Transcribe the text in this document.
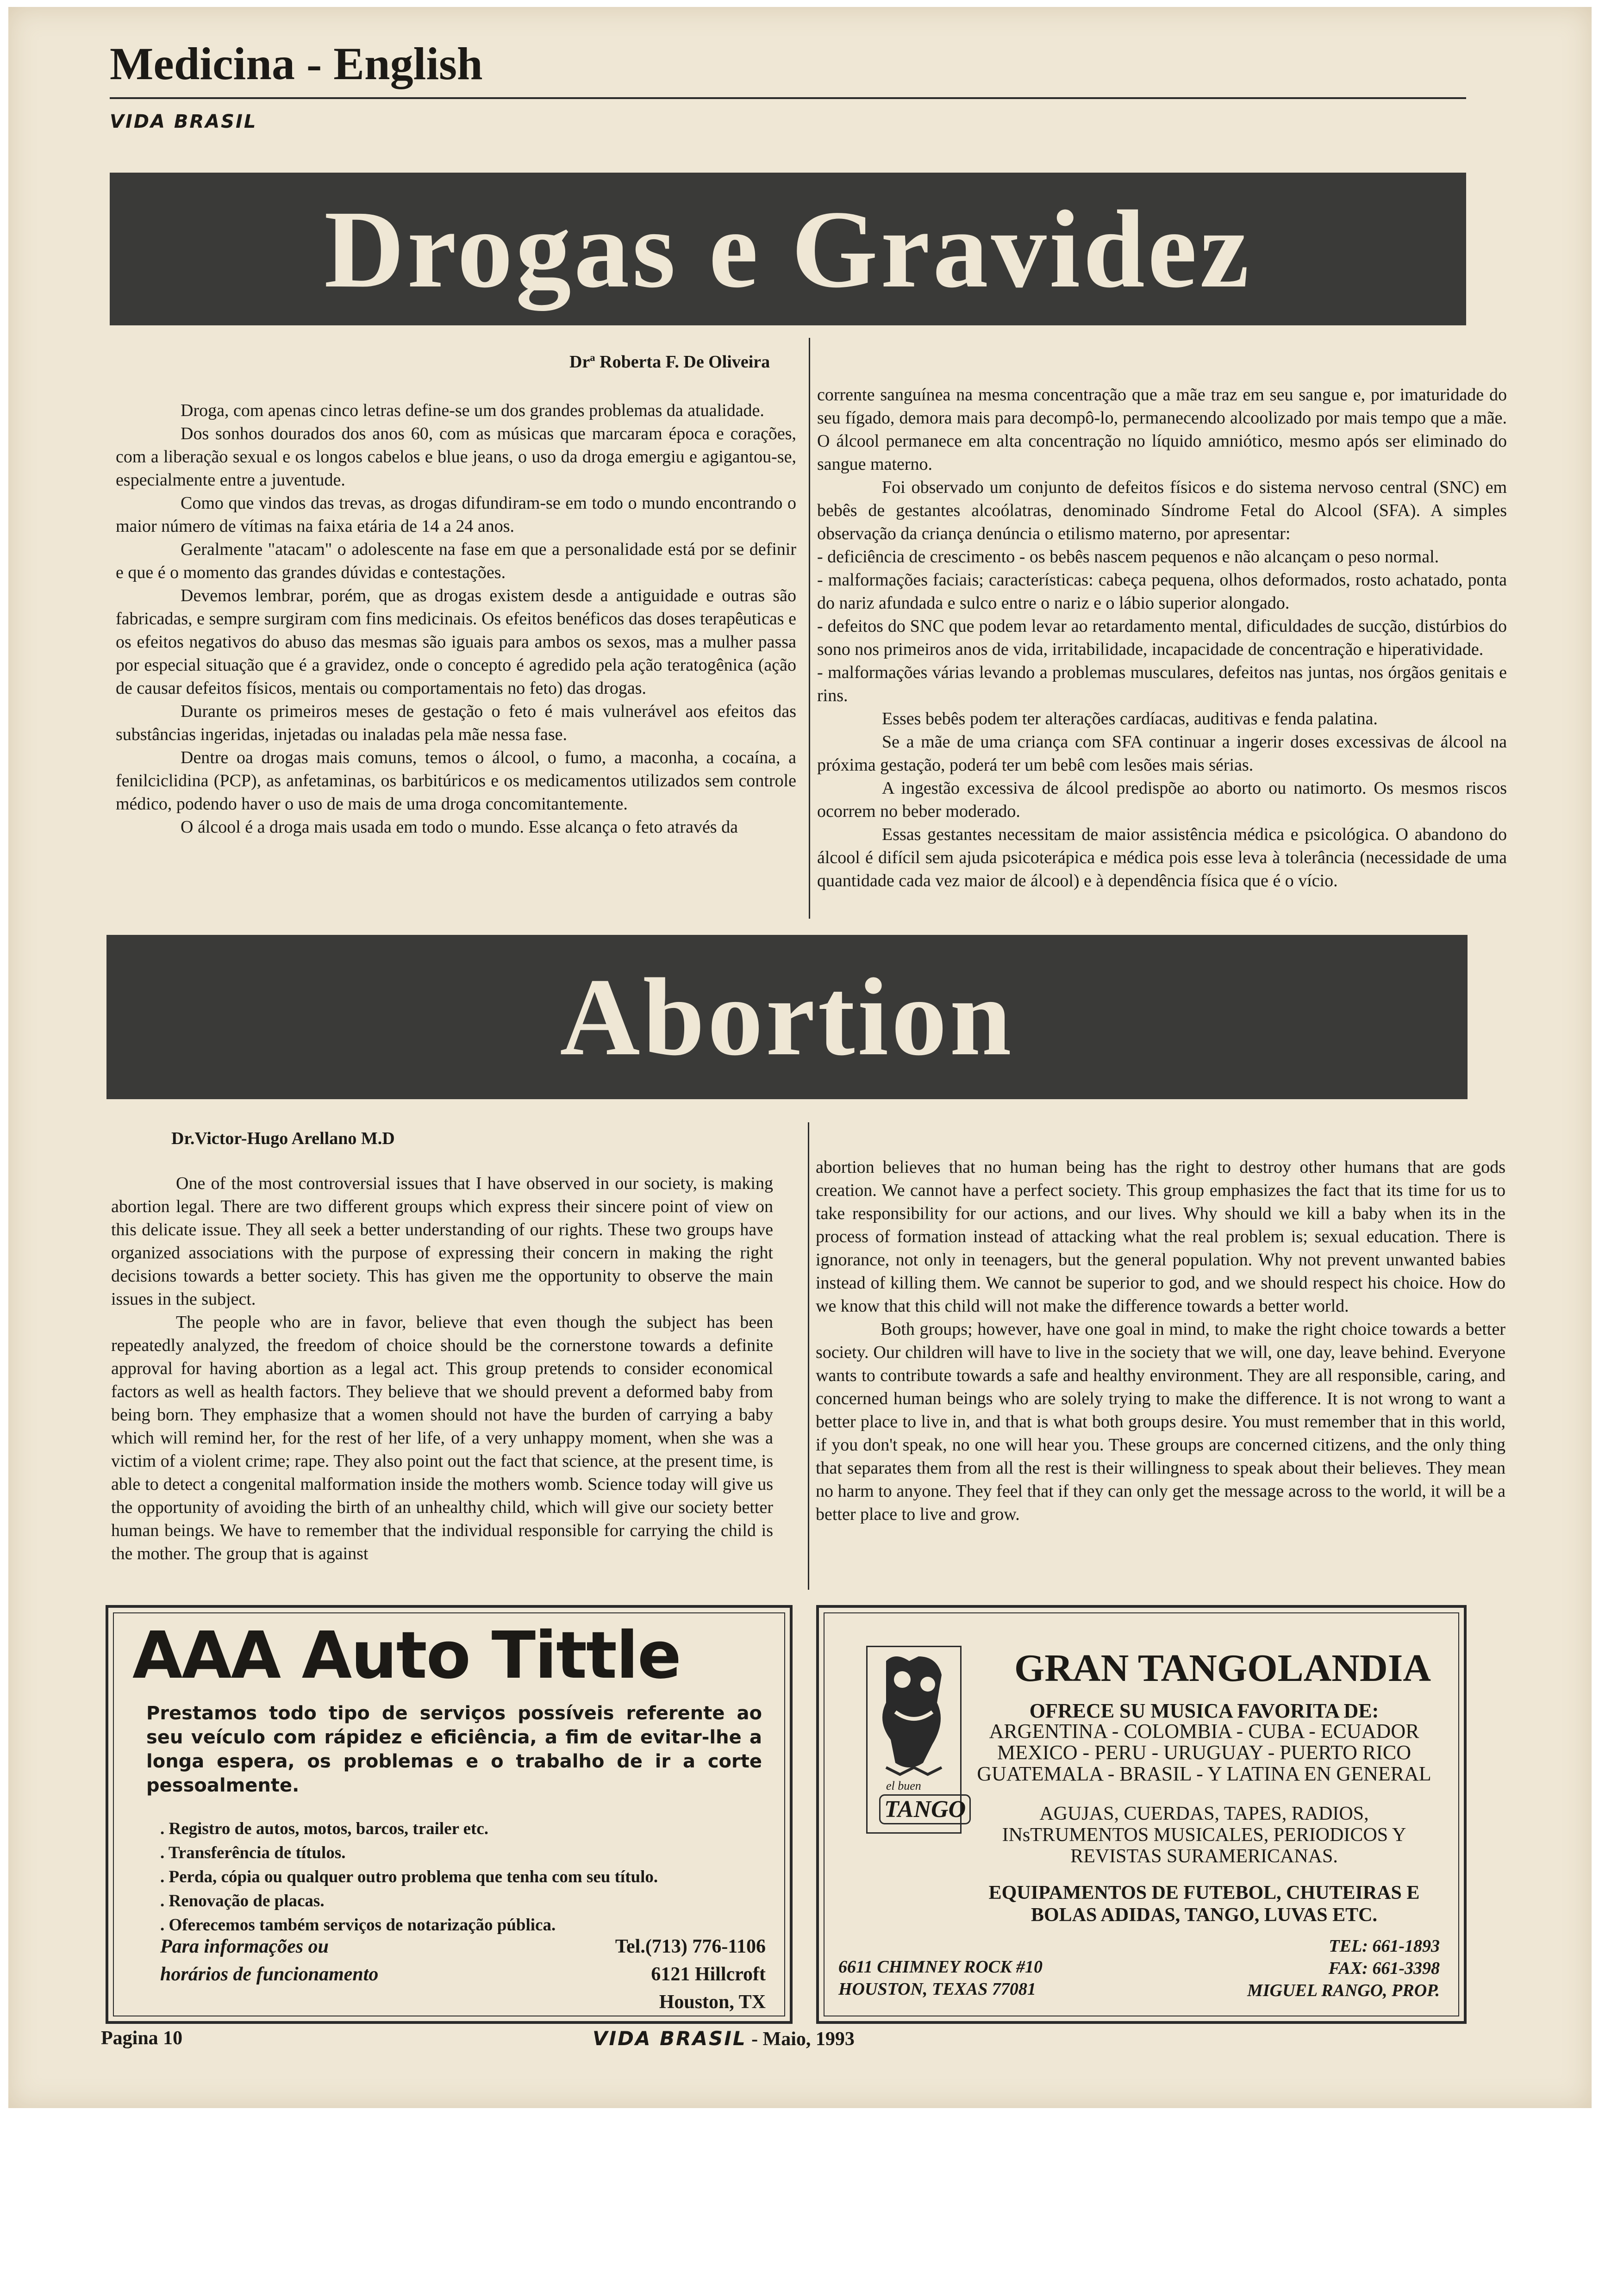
Medicina - English
VIDA BRASIL
Drogas e Gravidez
Drª Roberta F. De Oliveira

Droga, com apenas cinco letras define-se um dos grandes problemas da atualidade.

Dos sonhos dourados dos anos 60, com as músicas que marcaram época e corações, com a liberação sexual e os longos cabelos e blue jeans, o uso da droga emergiu e agigantou-se, especialmente entre a juventude.

Como que vindos das trevas, as drogas difundiram-se em todo o mundo encontrando o maior número de vítimas na faixa etária de 14 a 24 anos.

Geralmente "atacam" o adolescente na fase em que a personalidade está por se definir e que é o momento das grandes dúvidas e contestações.

Devemos lembrar, porém, que as drogas existem desde a antiguidade e outras são fabricadas, e sempre surgiram com fins medicinais. Os efeitos benéficos das doses terapêuticas e os efeitos negativos do abuso das mesmas são iguais para ambos os sexos, mas a mulher passa por especial situação que é a gravidez, onde o concepto é agredido pela ação teratogênica (ação de causar defeitos físicos, mentais ou comportamentais no feto) das drogas.

Durante os primeiros meses de gestação o feto é mais vulnerável aos efeitos das substâncias ingeridas, injetadas ou inaladas pela mãe nessa fase.

Dentre oa drogas mais comuns, temos o álcool, o fumo, a maconha, a cocaína, a fenilciclidina (PCP), as anfetaminas, os barbitúricos e os medicamentos utilizados sem controle médico, podendo haver o uso de mais de uma droga concomitantemente.

O álcool é a droga mais usada em todo o mundo. Esse alcança o feto através da

corrente sanguínea na mesma concentração que a mãe traz em seu sangue e, por imaturidade do seu fígado, demora mais para decompô-lo, permanecendo alcoolizado por mais tempo que a mãe. O álcool permanece em alta concentração no líquido amniótico, mesmo após ser eliminado do sangue materno.

Foi observado um conjunto de defeitos físicos e do sistema nervoso central (SNC) em bebês de gestantes alcoólatras, denominado Síndrome Fetal do Alcool (SFA). A simples observação da criança denúncia o etilismo materno, por apresentar:

- deficiência de crescimento - os bebês nascem pequenos e não alcançam o peso normal.

- malformações faciais; características: cabeça pequena, olhos deformados, rosto achatado, ponta do nariz afundada e sulco entre o nariz e o lábio superior alongado.

- defeitos do SNC que podem levar ao retardamento mental, dificuldades de sucção, distúrbios do sono nos primeiros anos de vida, irritabilidade, incapacidade de concentração e hiperatividade.

- malformações várias levando a problemas musculares, defeitos nas juntas, nos órgãos genitais e rins.

Esses bebês podem ter alterações cardíacas, auditivas e fenda palatina.

Se a mãe de uma criança com SFA continuar a ingerir doses excessivas de álcool na próxima gestação, poderá ter um bebê com lesões mais sérias.

A ingestão excessiva de álcool predispõe ao aborto ou natimorto. Os mesmos riscos ocorrem no beber moderado.

Essas gestantes necessitam de maior assistência médica e psicológica. O abandono do álcool é difícil sem ajuda psicoterápica e médica pois esse leva à tolerância (necessidade de uma quantidade cada vez maior de álcool) e à dependência física que é o vício.

Abortion
Dr.Victor-Hugo Arellano M.D

One of the most controversial issues that I have observed in our society, is making abortion legal. There are two different groups which express their sincere point of view on this delicate issue. They all seek a better understanding of our rights. These two groups have organized associations with the purpose of expressing their concern in making the right decisions towards a better society. This has given me the opportunity to observe the main issues in the subject.

The people who are in favor, believe that even though the subject has been repeatedly analyzed, the freedom of choice should be the cornerstone towards a definite approval for having abortion as a legal act. This group pretends to consider economical factors as well as health factors. They believe that we should prevent a deformed baby from being born. They emphasize that a women should not have the burden of carrying a baby which will remind her, for the rest of her life, of a very unhappy moment, when she was a victim of a violent crime; rape. They also point out the fact that science, at the present time, is able to detect a congenital malformation inside the mothers womb. Science today will give us the opportunity of avoiding the birth of an unhealthy child, which will give our society better human beings. We have to remember that the individual responsible for carrying the child is the mother. The group that is against

abortion believes that no human being has the right to destroy other humans that are gods creation. We cannot have a perfect society. This group emphasizes the fact that its time for us to take responsibility for our actions, and our lives. Why should we kill a baby when its in the process of formation instead of attacking what the real problem is; sexual education. There is ignorance, not only in teenagers, but the general population. Why not prevent unwanted babies instead of killing them. We cannot be superior to god, and we should respect his choice. How do we know that this child will not make the difference towards a better world.

Both groups; however, have one goal in mind, to make the right choice towards a better society. Our children will have to live in the society that we will, one day, leave behind. Everyone wants to contribute towards a safe and healthy environment. They are all responsible, caring, and concerned human beings who are solely trying to make the difference. It is not wrong to want a better place to live in, and that is what both groups desire. You must remember that in this world, if you don't speak, no one will hear you. These groups are concerned citizens, and the only thing that separates them from all the rest is their willingness to speak about their believes. They mean no harm to anyone. They feel that if they can only get the message across to the world, it will be a better place to live and grow.

AAA Auto Tittle
Prestamos todo tipo de serviços possíveis referente ao seu veículo com rápidez e eficiência, a fim de evitar-lhe a longa espera, os problemas e o trabalho de ir a corte pessoalmente.
. Registro de autos, motos, barcos, trailer etc.
. Transferência de títulos.
. Perda, cópia ou qualquer outro problema que tenha com seu título.
. Renovação de placas.
. Oferecemos também serviços de notarização pública.
Para informações ou
horários de funcionamento
Tel.(713) 776-1106
6121 Hillcroft
Houston, TX
el buen
TANGO
GRAN TANGOLANDIA
OFRECE SU MUSICA FAVORITA DE:
ARGENTINA - COLOMBIA - CUBA - ECUADOR
MEXICO - PERU - URUGUAY - PUERTO RICO
GUATEMALA - BRASIL - Y LATINA EN GENERAL
AGUJAS, CUERDAS, TAPES, RADIOS,
INsTRUMENTOS MUSICALES, PERIODICOS Y
REVISTAS SURAMERICANAS.
EQUIPAMENTOS DE FUTEBOL, CHUTEIRAS E
BOLAS ADIDAS, TANGO, LUVAS ETC.
6611 CHIMNEY ROCK #10
HOUSTON, TEXAS 77081
TEL: 661-1893
FAX: 661-3398
MIGUEL RANGO, PROP.
Pagina 10	VIDA BRASIL - Maio, 1993
